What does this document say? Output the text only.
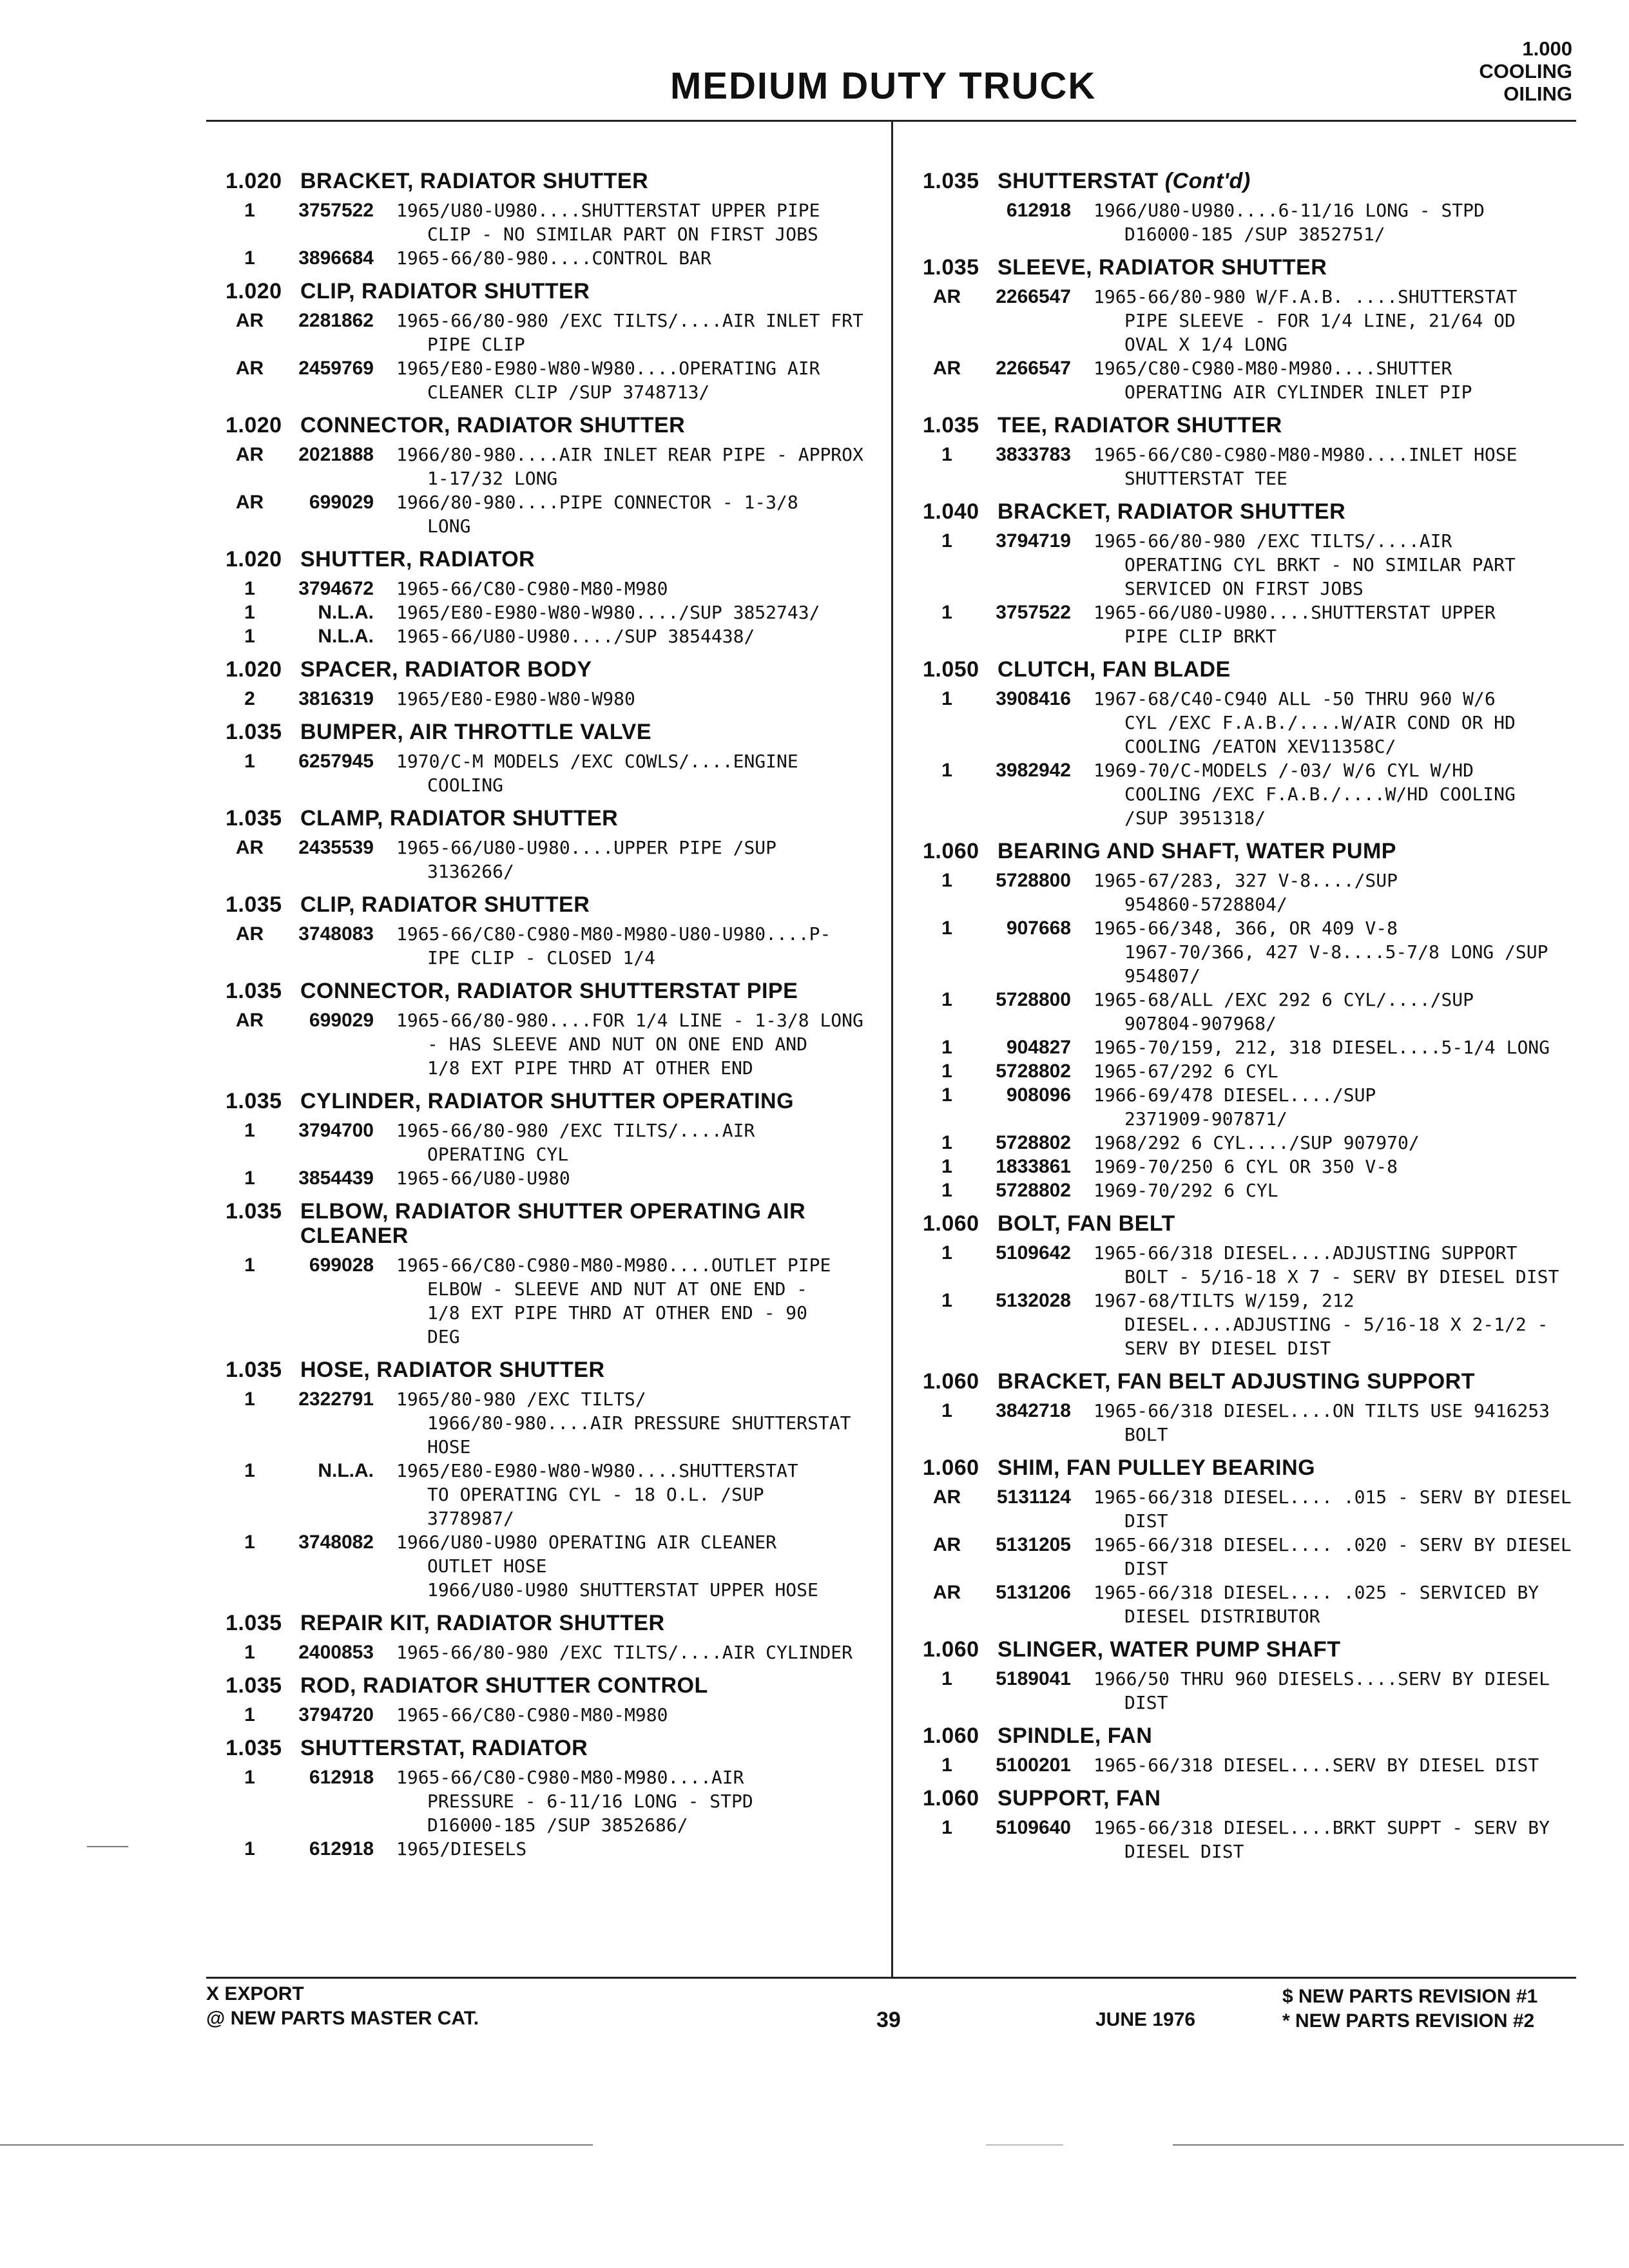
MEDIUM DUTY TRUCK
1.000
COOLING
OILING
1.020 BRACKET, RADIATOR SHUTTER
1	3757522	1965/U80-U980....SHUTTERSTAT UPPER PIPE
CLIP - NO SIMILAR PART ON FIRST JOBS
1	3896684	1965-66/80-980....CONTROL BAR
1.020 CLIP, RADIATOR SHUTTER
AR	2281862	1965-66/80-980 /EXC TILTS/....AIR INLET FRT
PIPE CLIP
AR	2459769	1965/E80-E980-W80-W980....OPERATING AIR
CLEANER CLIP /SUP 3748713/
1.020 CONNECTOR, RADIATOR SHUTTER
AR	2021888	1966/80-980....AIR INLET REAR PIPE - APPROX
1-17/32 LONG
AR	699029	1966/80-980....PIPE CONNECTOR - 1-3/8
LONG
1.020 SHUTTER, RADIATOR
1	3794672	1965-66/C80-C980-M80-M980
1	N.L.A.	1965/E80-E980-W80-W980..../SUP 3852743/
1	N.L.A.	1965-66/U80-U980..../SUP 3854438/
1.020 SPACER, RADIATOR BODY
2	3816319	1965/E80-E980-W80-W980
1.035 BUMPER, AIR THROTTLE VALVE
1	6257945	1970/C-M MODELS /EXC COWLS/....ENGINE
COOLING
1.035 CLAMP, RADIATOR SHUTTER
AR	2435539	1965-66/U80-U980....UPPER PIPE /SUP
3136266/
1.035 CLIP, RADIATOR SHUTTER
AR	3748083	1965-66/C80-C980-M80-M980-U80-U980....P-
IPE CLIP - CLOSED 1/4
1.035 CONNECTOR, RADIATOR SHUTTERSTAT PIPE
AR	699029	1965-66/80-980....FOR 1/4 LINE - 1-3/8 LONG
- HAS SLEEVE AND NUT ON ONE END AND
1/8 EXT PIPE THRD AT OTHER END
1.035 CYLINDER, RADIATOR SHUTTER OPERATING
1	3794700	1965-66/80-980 /EXC TILTS/....AIR
OPERATING CYL
1	3854439	1965-66/U80-U980
1.035 ELBOW, RADIATOR SHUTTER OPERATING AIR
CLEANER
1	699028	1965-66/C80-C980-M80-M980....OUTLET PIPE
ELBOW - SLEEVE AND NUT AT ONE END -
1/8 EXT PIPE THRD AT OTHER END - 90
DEG
1.035 HOSE, RADIATOR SHUTTER
1	2322791	1965/80-980 /EXC TILTS/
1966/80-980....AIR PRESSURE SHUTTERSTAT
HOSE
1	N.L.A.	1965/E80-E980-W80-W980....SHUTTERSTAT
TO OPERATING CYL - 18 O.L. /SUP
3778987/
1	3748082	1966/U80-U980 OPERATING AIR CLEANER
OUTLET HOSE
1966/U80-U980 SHUTTERSTAT UPPER HOSE
1.035 REPAIR KIT, RADIATOR SHUTTER
1	2400853	1965-66/80-980 /EXC TILTS/....AIR CYLINDER
1.035 ROD, RADIATOR SHUTTER CONTROL
1	3794720	1965-66/C80-C980-M80-M980
1.035 SHUTTERSTAT, RADIATOR
1	612918	1965-66/C80-C980-M80-M980....AIR
PRESSURE - 6-11/16 LONG - STPD
D16000-185 /SUP 3852686/
1	612918	1965/DIESELS
1.035 SHUTTERSTAT (Cont'd)
612918	1966/U80-U980....6-11/16 LONG - STPD
D16000-185 /SUP 3852751/
1.035 SLEEVE, RADIATOR SHUTTER
AR	2266547	1965-66/80-980 W/F.A.B. ....SHUTTERSTAT
PIPE SLEEVE - FOR 1/4 LINE, 21/64 OD
OVAL X 1/4 LONG
AR	2266547	1965/C80-C980-M80-M980....SHUTTER
OPERATING AIR CYLINDER INLET PIP
1.035 TEE, RADIATOR SHUTTER
1	3833783	1965-66/C80-C980-M80-M980....INLET HOSE
SHUTTERSTAT TEE
1.040 BRACKET, RADIATOR SHUTTER
1	3794719	1965-66/80-980 /EXC TILTS/....AIR
OPERATING CYL BRKT - NO SIMILAR PART
SERVICED ON FIRST JOBS
1	3757522	1965-66/U80-U980....SHUTTERSTAT UPPER
PIPE CLIP BRKT
1.050 CLUTCH, FAN BLADE
1	3908416	1967-68/C40-C940 ALL -50 THRU 960 W/6
CYL /EXC F.A.B./....W/AIR COND OR HD
COOLING /EATON XEV11358C/
1	3982942	1969-70/C-MODELS /-03/ W/6 CYL W/HD
COOLING /EXC F.A.B./....W/HD COOLING
/SUP 3951318/
1.060 BEARING AND SHAFT, WATER PUMP
1	5728800	1965-67/283, 327 V-8..../SUP
954860-5728804/
1	907668	1965-66/348, 366, OR 409 V-8
1967-70/366, 427 V-8....5-7/8 LONG /SUP
954807/
1	5728800	1965-68/ALL /EXC 292 6 CYL/..../SUP
907804-907968/
1	904827	1965-70/159, 212, 318 DIESEL....5-1/4 LONG
1	5728802	1965-67/292 6 CYL
1	908096	1966-69/478 DIESEL..../SUP
2371909-907871/
1	5728802	1968/292 6 CYL..../SUP 907970/
1	1833861	1969-70/250 6 CYL OR 350 V-8
1	5728802	1969-70/292 6 CYL
1.060 BOLT, FAN BELT
1	5109642	1965-66/318 DIESEL....ADJUSTING SUPPORT
BOLT - 5/16-18 X 7 - SERV BY DIESEL DIST
1	5132028	1967-68/TILTS W/159, 212
DIESEL....ADJUSTING - 5/16-18 X 2-1/2 -
SERV BY DIESEL DIST
1.060 BRACKET, FAN BELT ADJUSTING SUPPORT
1	3842718	1965-66/318 DIESEL....ON TILTS USE 9416253
BOLT
1.060 SHIM, FAN PULLEY BEARING
AR	5131124	1965-66/318 DIESEL.... .015 - SERV BY DIESEL
DIST
AR	5131205	1965-66/318 DIESEL.... .020 - SERV BY DIESEL
DIST
AR	5131206	1965-66/318 DIESEL.... .025 - SERVICED BY
DIESEL DISTRIBUTOR
1.060 SLINGER, WATER PUMP SHAFT
1	5189041	1966/50 THRU 960 DIESELS....SERV BY DIESEL
DIST
1.060 SPINDLE, FAN
1	5100201	1965-66/318 DIESEL....SERV BY DIESEL DIST
1.060 SUPPORT, FAN
1	5109640	1965-66/318 DIESEL....BRKT SUPPT - SERV BY
DIESEL DIST
X EXPORT
@ NEW PARTS MASTER CAT.	39	JUNE 1976
$ NEW PARTS REVISION #1
* NEW PARTS REVISION #2
